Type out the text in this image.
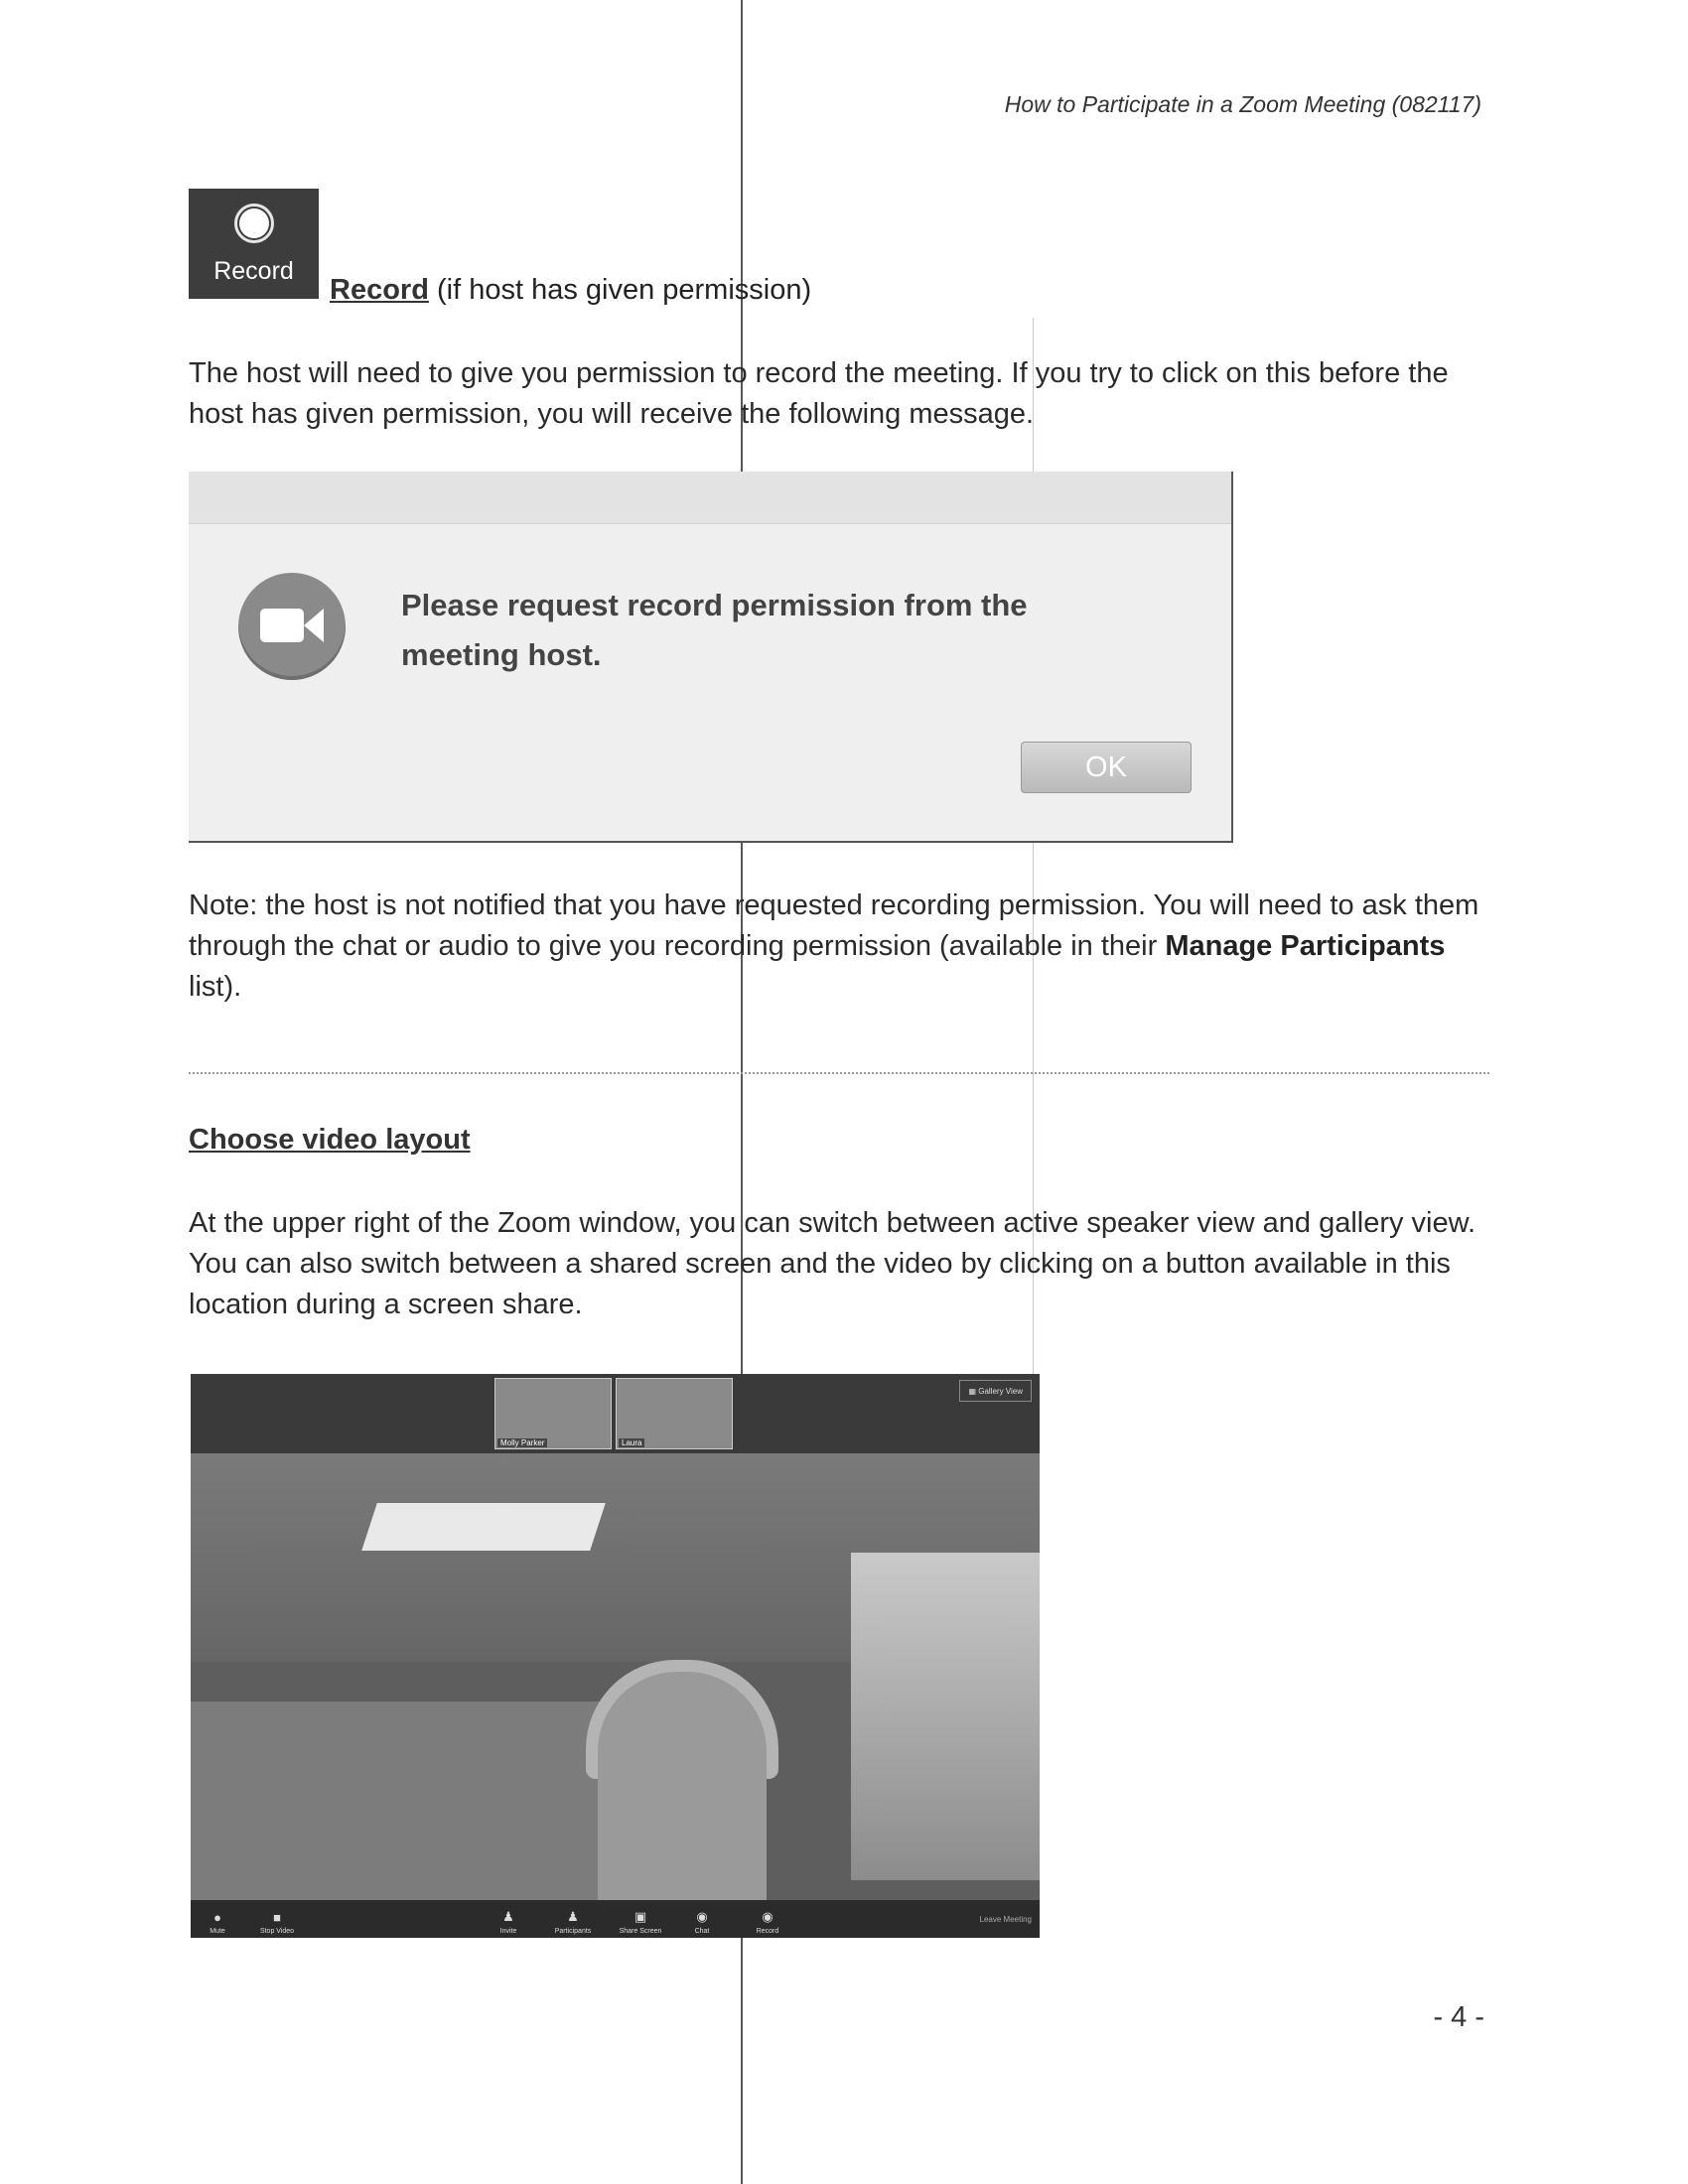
How to Participate in a Zoom Meeting (082117)
Record
Record (if host has given permission)
The host will need to give you permission to record the meeting. If you try to click on this before the host has given permission, you will receive the following message.
Please request record permission from the meeting host.
OK
Note: the host is not notified that you have requested recording permission. You will need to ask them through the chat or audio to give you recording permission (available in their Manage Participants list).
Choose video layout
At the upper right of the Zoom window, you can switch between active speaker view and gallery view. You can also switch between a shared screen and the video by clicking on a button available in this location during a screen share.
Molly Parker	Laura
▦ Gallery View
●
Mute
■
Stop Video
♟
Invite
♟
Participants
▣
Share Screen
◉
Chat
◉
Record
Leave Meeting
- 4 -
